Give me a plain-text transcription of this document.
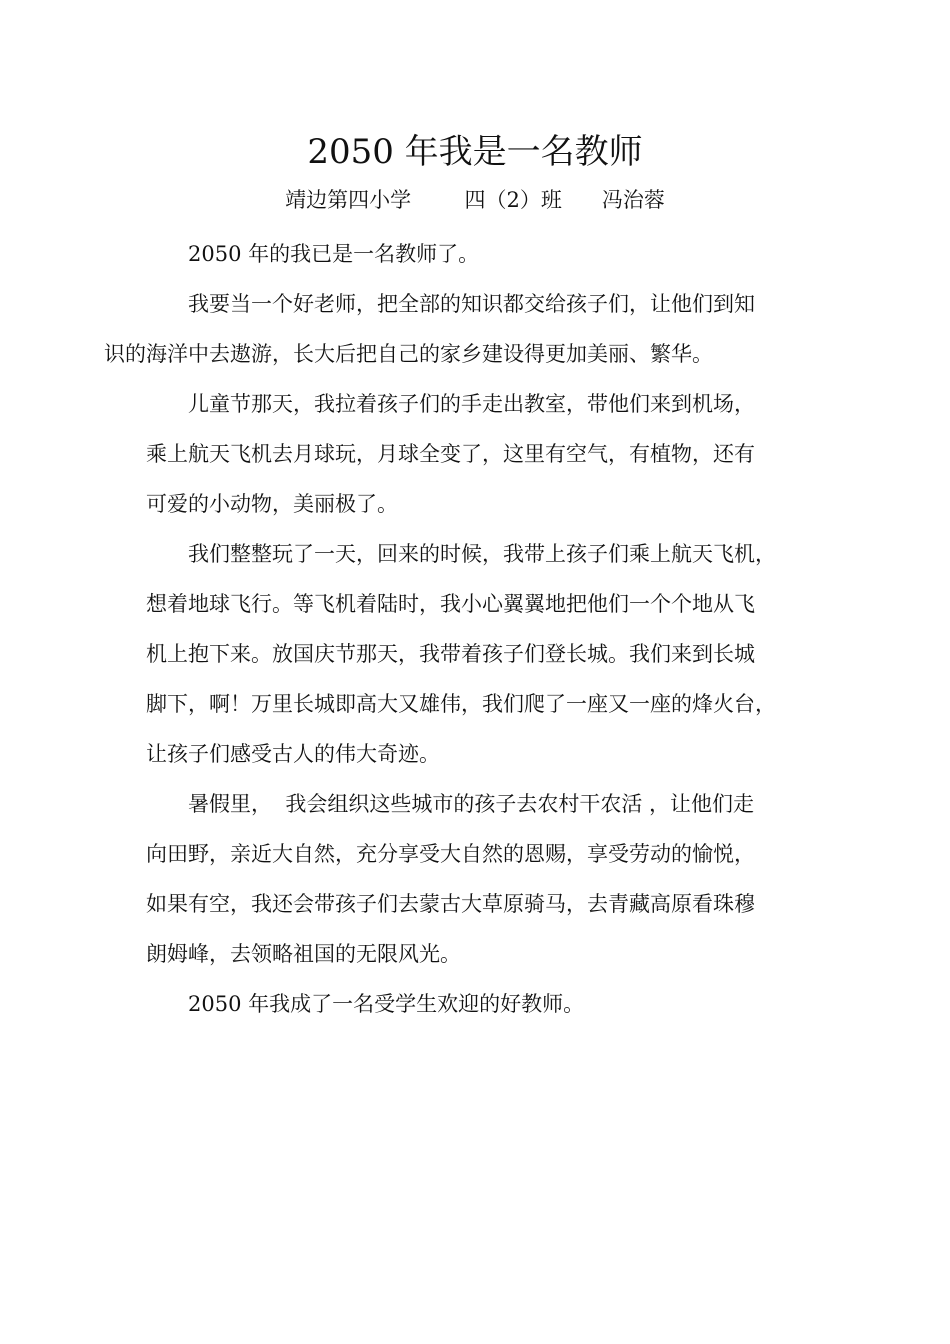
2050 年我是一名教师
靖边第四小学        四（2）班      冯治蓉

2050 年的我已是一名教师了。

我要当一个好老师，把全部的知识都交给孩子们，让他们到知
识的海洋中去遨游，长大后把自己的家乡建设得更加美丽、繁华。

儿童节那天，我拉着孩子们的手走出教室，带他们来到机场，
乘上航天飞机去月球玩，月球全变了，这里有空气，有植物，还有
可爱的小动物，美丽极了。

我们整整玩了一天，回来的时候，我带上孩子们乘上航天飞机，
想着地球飞行。等飞机着陆时，我小心翼翼地把他们一个个地从飞
机上抱下来。放国庆节那天，我带着孩子们登长城。我们来到长城
脚下，啊！万里长城即高大又雄伟，我们爬了一座又一座的烽火台，
让孩子们感受古人的伟大奇迹。

暑假里，  我会组织这些城市的孩子去农村干农活 ，让他们走
向田野，亲近大自然，充分享受大自然的恩赐，享受劳动的愉悦，
如果有空，我还会带孩子们去蒙古大草原骑马，去青藏高原看珠穆
朗姆峰，去领略祖国的无限风光。

2050 年我成了一名受学生欢迎的好教师。
